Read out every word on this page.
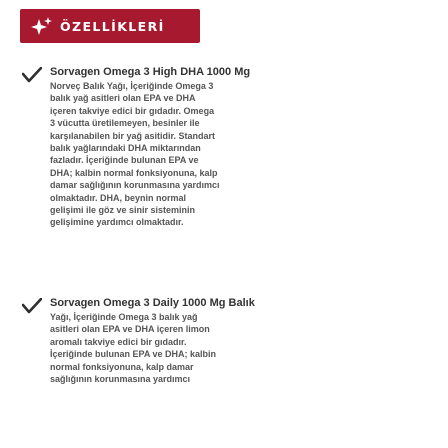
ÖZELLİKLERİ
Sorvagen Omega 3 High DHA 1000 Mg
Norveç Balık Yağı, İçeriğinde Omega 3
balık yağ asitleri olan EPA ve DHA
içeren takviye edici bir gıdadır. Omega
3 vücutta üretilemeyen, besinler ile
karşılanabilen bir yağ asitidir. Standart
balık yağlarındaki DHA miktarından
fazladır. İçeriğinde bulunan EPA ve
DHA; kalbin normal fonksiyonuna, kalp
damar sağlığının korunmasına yardımcı
olmaktadır. DHA, beynin normal
gelişimi ile göz ve sinir sisteminin
gelişimine yardımcı olmaktadır.
Sorvagen Omega 3 Daily 1000 Mg Balık
Yağı, İçeriğinde Omega 3 balık yağ
asitleri olan EPA ve DHA içeren limon
aromalı takviye edici bir gıdadır.
İçeriğinde bulunan EPA ve DHA; kalbin
normal fonksiyonuna, kalp damar
sağlığının korunmasına yardımcı
